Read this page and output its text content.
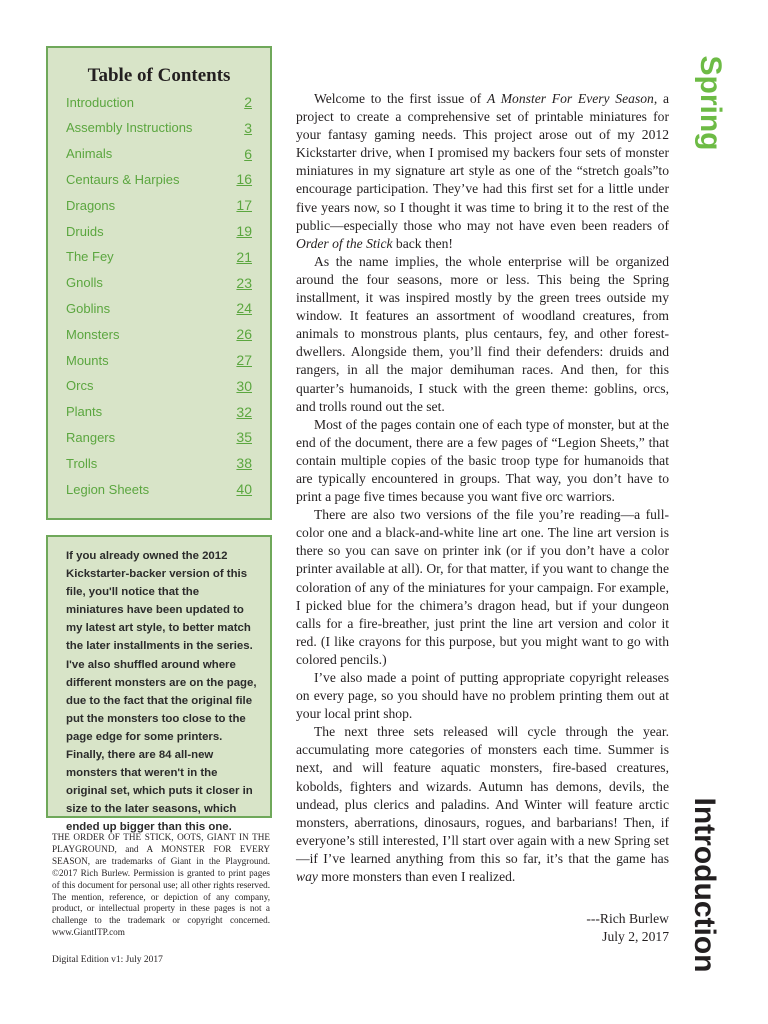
Table of Contents
Introduction	2
Assembly Instructions	3
Animals	6
Centaurs & Harpies	16
Dragons	17
Druids	19
The Fey	21
Gnolls	23
Goblins	24
Monsters	26
Mounts	27
Orcs	30
Plants	32
Rangers	35
Trolls	38
Legion Sheets	40
If you already owned the 2012 Kickstarter-backer version of this file, you'll notice that the miniatures have been updated to my latest art style, to better match the later installments in the series. I've also shuffled around where different monsters are on the page, due to the fact that the original file put the monsters too close to the page edge for some printers. Finally, there are 84 all-new monsters that weren't in the original set, which puts it closer in size to the later seasons, which ended up bigger than this one.
THE ORDER OF THE STICK, OOTS, GIANT IN THE PLAYGROUND, and A MONSTER FOR EVERY SEASON, are trademarks of Giant in the Playground. ©2017 Rich Burlew. Permission is granted to print pages of this document for personal use; all other rights reserved. The mention, reference, or depiction of any company, product, or intellectual property in these pages is not a challenge to the trademark or copyright concerned. www.GiantITP.com
Digital Edition v1: July 2017

Welcome to the first issue of A Monster For Every Season, a project to create a comprehensive set of printable miniatures for your fantasy gaming needs. This project arose out of my 2012 Kickstarter drive, when I promised my backers four sets of monster miniatures in my signature art style as one of the “stretch goals”to encourage participation. They’ve had this first set for a little under five years now, so I thought it was time to bring it to the rest of the public—especially those who may not have even been readers of Order of the Stick back then!

As the name implies, the whole enterprise will be organized around the four seasons, more or less. This being the Spring installment, it was inspired mostly by the green trees outside my window. It features an assortment of woodland creatures, from animals to monstrous plants, plus centaurs, fey, and other forest-dwellers. Alongside them, you’ll find their defenders: druids and rangers, in all the major demihuman races. And then, for this quarter’s humanoids, I stuck with the green theme: goblins, orcs, and trolls round out the set.

Most of the pages contain one of each type of monster, but at the end of the document, there are a few pages of “Legion Sheets,” that contain multiple copies of the basic troop type for humanoids that are typically encountered in groups. That way, you don’t have to print a page five times because you want five orc warriors.

There are also two versions of the file you’re reading—a full-color one and a black-and-white line art one. The line art version is there so you can save on printer ink (or if you don’t have a color printer available at all). Or, for that matter, if you want to change the coloration of any of the miniatures for your campaign. For example, I picked blue for the chimera’s dragon head, but if your dungeon calls for a fire-breather, just print the line art version and color it red. (I like crayons for this purpose, but you might want to go with colored pencils.)

I’ve also made a point of putting appropriate copyright releases on every page, so you should have no problem printing them out at your local print shop.

The next three sets released will cycle through the year. accumulating more categories of monsters each time. Summer is next, and will feature aquatic monsters, fire-based creatures, kobolds, fighters and wizards. Autumn has demons, devils, the undead, plus clerics and paladins. And Winter will feature arctic monsters, aberrations, dinosaurs, rogues, and barbarians! Then, if everyone’s still interested, I’ll start over again with a new Spring set—if I’ve learned anything from this so far, it’s that the game has way more monsters than even I realized.

---Rich Burlew
July 2, 2017
Spring
Introduction
